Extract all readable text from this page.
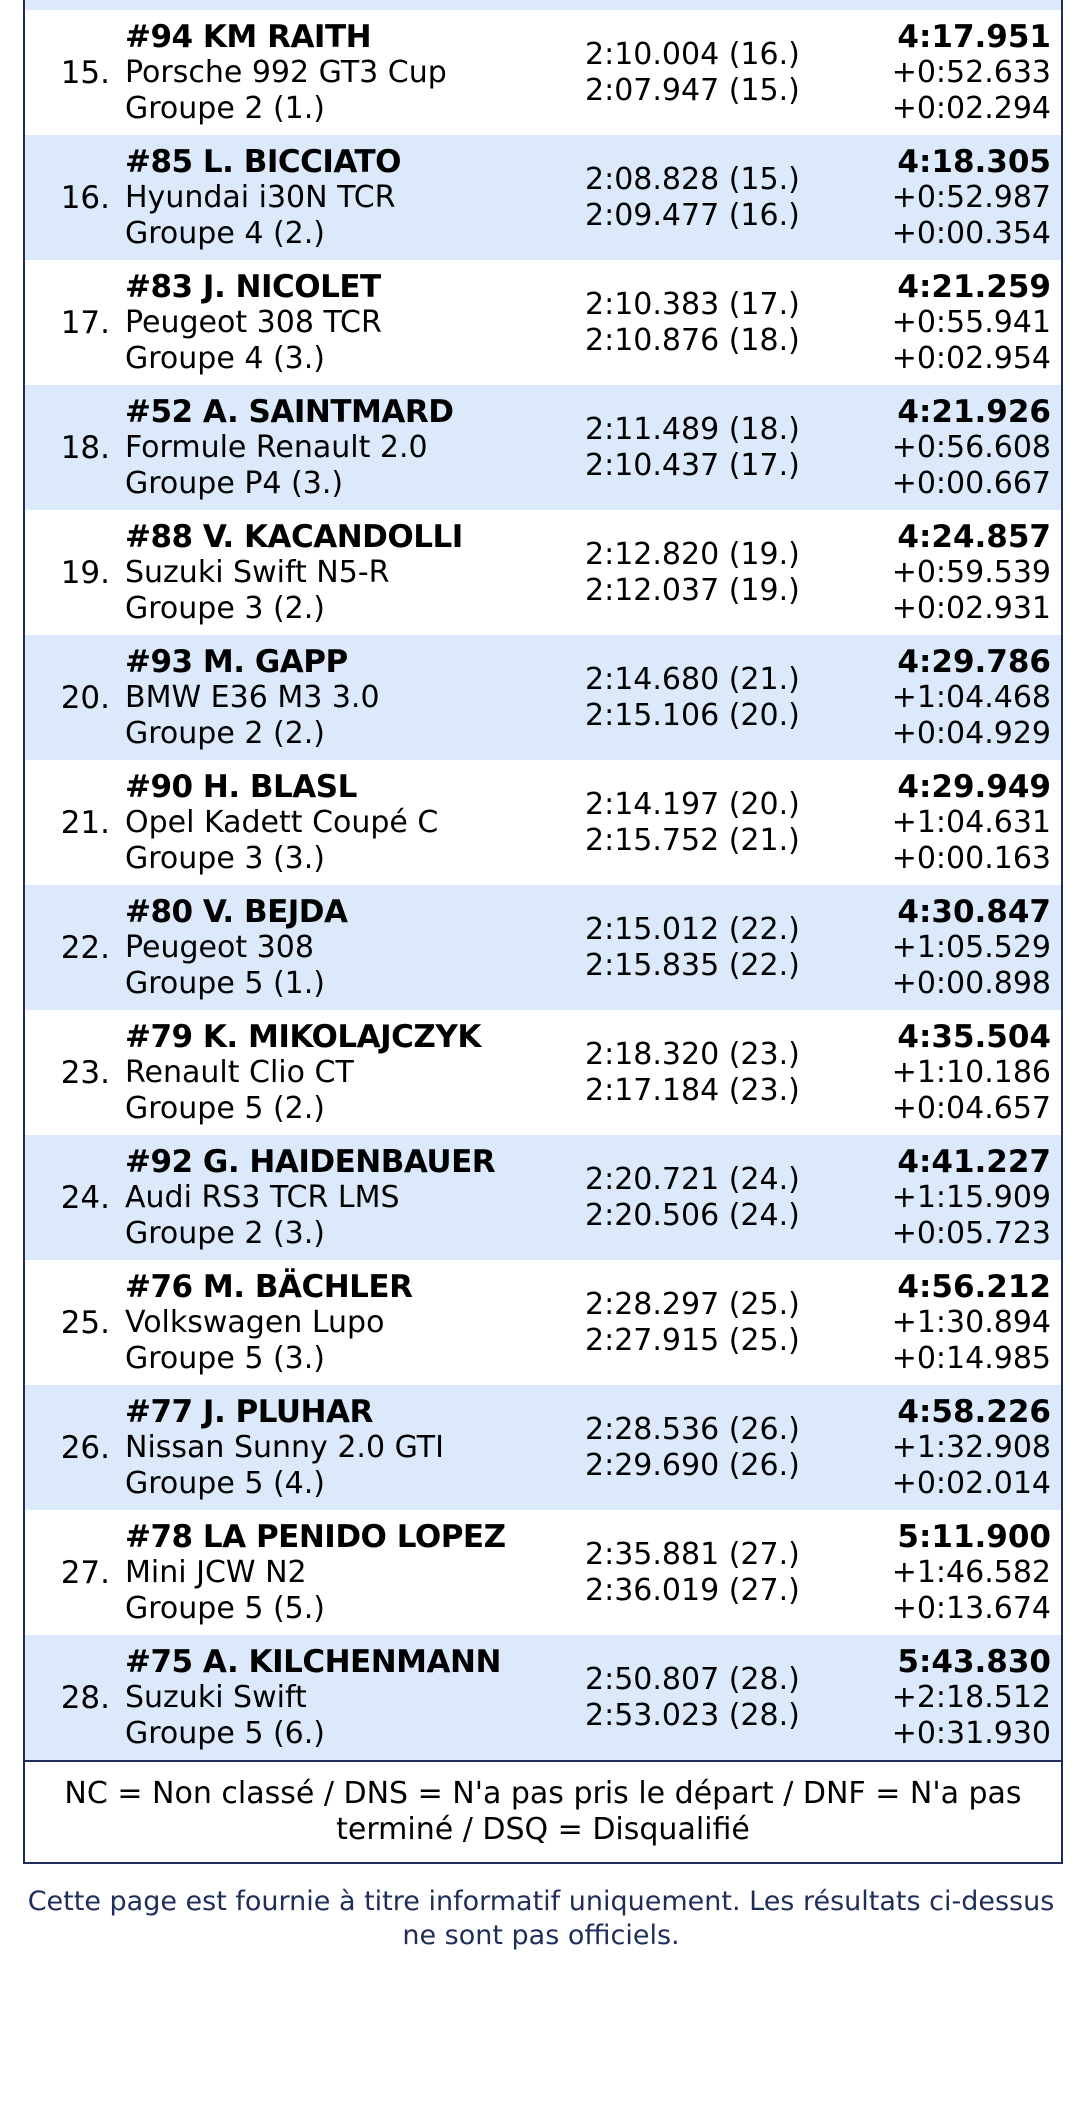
15.
#94 KM RAITH
Porsche 992 GT3 Cup
Groupe 2 (1.)
2:10.004 (16.)
2:07.947 (15.)
4:17.951
+0:52.633
+0:02.294
16.
#85 L. BICCIATO
Hyundai i30N TCR
Groupe 4 (2.)
2:08.828 (15.)
2:09.477 (16.)
4:18.305
+0:52.987
+0:00.354
17.
#83 J. NICOLET
Peugeot 308 TCR
Groupe 4 (3.)
2:10.383 (17.)
2:10.876 (18.)
4:21.259
+0:55.941
+0:02.954
18.
#52 A. SAINTMARD
Formule Renault 2.0
Groupe P4 (3.)
2:11.489 (18.)
2:10.437 (17.)
4:21.926
+0:56.608
+0:00.667
19.
#88 V. KACANDOLLI
Suzuki Swift N5-R
Groupe 3 (2.)
2:12.820 (19.)
2:12.037 (19.)
4:24.857
+0:59.539
+0:02.931
20.
#93 M. GAPP
BMW E36 M3 3.0
Groupe 2 (2.)
2:14.680 (21.)
2:15.106 (20.)
4:29.786
+1:04.468
+0:04.929
21.
#90 H. BLASL
Opel Kadett Coupé C
Groupe 3 (3.)
2:14.197 (20.)
2:15.752 (21.)
4:29.949
+1:04.631
+0:00.163
22.
#80 V. BEJDA
Peugeot 308
Groupe 5 (1.)
2:15.012 (22.)
2:15.835 (22.)
4:30.847
+1:05.529
+0:00.898
23.
#79 K. MIKOLAJCZYK
Renault Clio CT
Groupe 5 (2.)
2:18.320 (23.)
2:17.184 (23.)
4:35.504
+1:10.186
+0:04.657
24.
#92 G. HAIDENBAUER
Audi RS3 TCR LMS
Groupe 2 (3.)
2:20.721 (24.)
2:20.506 (24.)
4:41.227
+1:15.909
+0:05.723
25.
#76 M. BÄCHLER
Volkswagen Lupo
Groupe 5 (3.)
2:28.297 (25.)
2:27.915 (25.)
4:56.212
+1:30.894
+0:14.985
26.
#77 J. PLUHAR
Nissan Sunny 2.0 GTI
Groupe 5 (4.)
2:28.536 (26.)
2:29.690 (26.)
4:58.226
+1:32.908
+0:02.014
27.
#78 LA PENIDO LOPEZ
Mini JCW N2
Groupe 5 (5.)
2:35.881 (27.)
2:36.019 (27.)
5:11.900
+1:46.582
+0:13.674
28.
#75 A. KILCHENMANN
Suzuki Swift
Groupe 5 (6.)
2:50.807 (28.)
2:53.023 (28.)
5:43.830
+2:18.512
+0:31.930
NC = Non classé / DNS = N'a pas pris le départ / DNF = N'a pas terminé / DSQ = Disqualifié
Cette page est fournie à titre informatif uniquement. Les résultats ci-dessus ne sont pas officiels.
